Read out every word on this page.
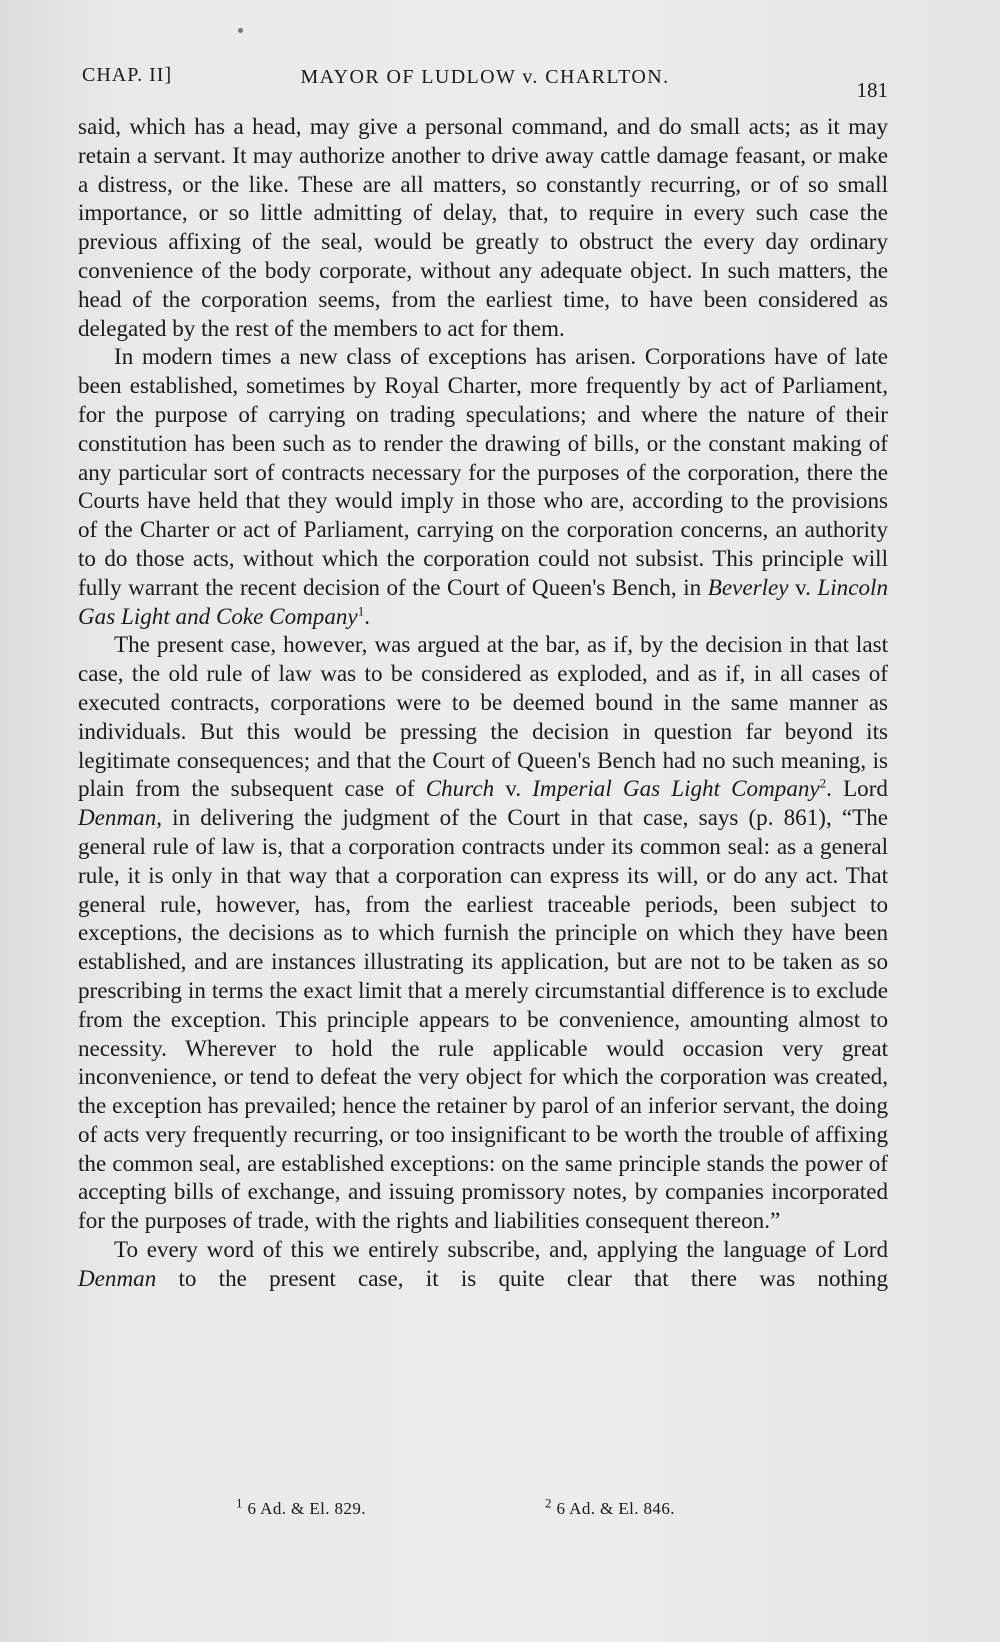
CHAP. II]	MAYOR OF LUDLOW v. CHARLTON.
181

said, which has a head, may give a personal command, and do small acts; as it may retain a servant. It may authorize another to drive away cattle damage feasant, or make a distress, or the like. These are all matters, so constantly recurring, or of so small importance, or so little admitting of delay, that, to require in every such case the previous affixing of the seal, would be greatly to obstruct the every day ordinary convenience of the body corporate, without any adequate object. In such matters, the head of the corporation seems, from the earliest time, to have been considered as delegated by the rest of the members to act for them.

In modern times a new class of exceptions has arisen. Corporations have of late been established, sometimes by Royal Charter, more frequently by act of Parliament, for the purpose of carrying on trading speculations; and where the nature of their constitution has been such as to render the drawing of bills, or the constant making of any particular sort of contracts necessary for the purposes of the corporation, there the Courts have held that they would imply in those who are, according to the provisions of the Charter or act of Parliament, carrying on the corporation concerns, an authority to do those acts, without which the corporation could not subsist. This principle will fully warrant the recent decision of the Court of Queen's Bench, in Beverley v. Lincoln Gas Light and Coke Company$^1$.

The present case, however, was argued at the bar, as if, by the decision in that last case, the old rule of law was to be considered as exploded, and as if, in all cases of executed contracts, corporations were to be deemed bound in the same manner as individuals. But this would be pressing the decision in question far beyond its legitimate consequences; and that the Court of Queen's Bench had no such meaning, is plain from the subsequent case of Church v. Imperial Gas Light Company$^2$. Lord Denman, in delivering the judgment of the Court in that case, says (p. 861), “The general rule of law is, that a corporation contracts under its common seal: as a general rule, it is only in that way that a corporation can express its will, or do any act. That general rule, however, has, from the earliest traceable periods, been subject to exceptions, the decisions as to which furnish the principle on which they have been established, and are instances illustrating its application, but are not to be taken as so prescribing in terms the exact limit that a merely circumstantial difference is to exclude from the exception. This principle appears to be convenience, amounting almost to necessity. Wherever to hold the rule applicable would occasion very great inconvenience, or tend to defeat the very object for which the corporation was created, the exception has prevailed; hence the retainer by parol of an inferior servant, the doing of acts very frequently recurring, or too insignificant to be worth the trouble of affixing the common seal, are established exceptions: on the same principle stands the power of accepting bills of exchange, and issuing promissory notes, by companies incorporated for the purposes of trade, with the rights and liabilities consequent thereon.”

To every word of this we entirely subscribe, and, applying the language of Lord Denman to the present case, it is quite clear that there was nothing

$^1$ 6 Ad. & El. 829.	$^2$ 6 Ad. & El. 846.
